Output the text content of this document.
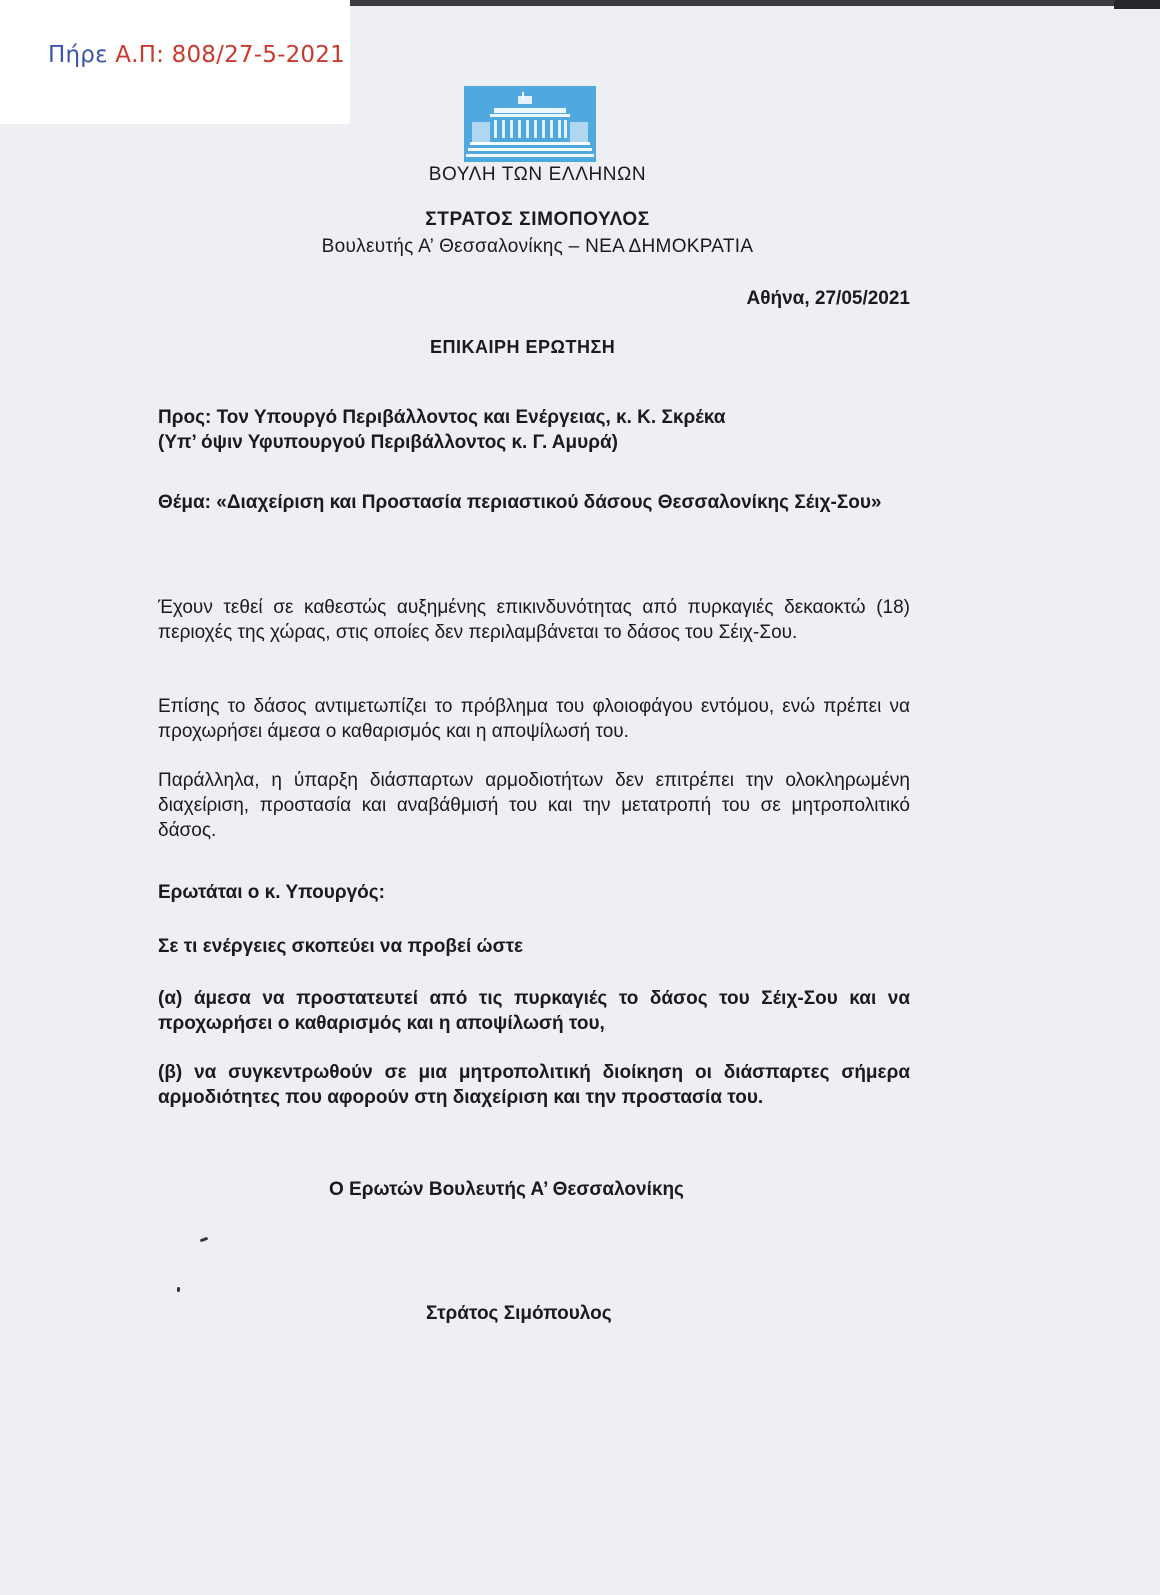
Πήρε Α.Π: 808/27-5-2021
ΒΟΥΛΗ ΤΩΝ ΕΛΛΗΝΩΝ
ΣΤΡΑΤΟΣ ΣΙΜΟΠΟΥΛΟΣ
Βουλευτής Α’ Θεσσαλονίκης – ΝΕΑ ΔΗΜΟΚΡΑΤΙΑ
Αθήνα, 27/05/2021
ΕΠΙΚΑΙΡΗ ΕΡΩΤΗΣΗ

Προς: Τον Υπουργό Περιβάλλοντος και Ενέργειας, κ. Κ. Σκρέκα

(Υπ’ όψιν Υφυπουργού Περιβάλλοντος κ. Γ. Αμυρά)

Θέμα: «Διαχείριση και Προστασία περιαστικού δάσους Θεσσαλονίκης Σέιχ-Σου»
Έχουν τεθεί σε καθεστώς αυξημένης επικινδυνότητας από πυρκαγιές δεκαοκτώ (18) περιοχές της χώρας, στις οποίες δεν περιλαμβάνεται το δάσος του Σέιχ-Σου.
Επίσης το δάσος αντιμετωπίζει το πρόβλημα του φλοιοφάγου εντόμου, ενώ πρέπει να προχωρήσει άμεσα ο καθαρισμός και η αποψίλωσή του.
Παράλληλα, η ύπαρξη διάσπαρτων αρμοδιοτήτων δεν επιτρέπει την ολοκληρωμένη διαχείριση, προστασία και αναβάθμισή του και την μετατροπή του σε μητροπολιτικό δάσος.
Ερωτάται ο κ. Υπουργός:
Σε τι ενέργειες σκοπεύει να προβεί ώστε
(α) άμεσα να προστατευτεί από τις πυρκαγιές το δάσος του Σέιχ-Σου και να προχωρήσει ο καθαρισμός και η αποψίλωσή του,
(β) να συγκεντρωθούν σε μια μητροπολιτική διοίκηση οι διάσπαρτες σήμερα αρμοδιότητες που αφορούν στη διαχείριση και την προστασία του.
Ο Ερωτών Βουλευτής Α’ Θεσσαλονίκης
Στράτος Σιμόπουλος
